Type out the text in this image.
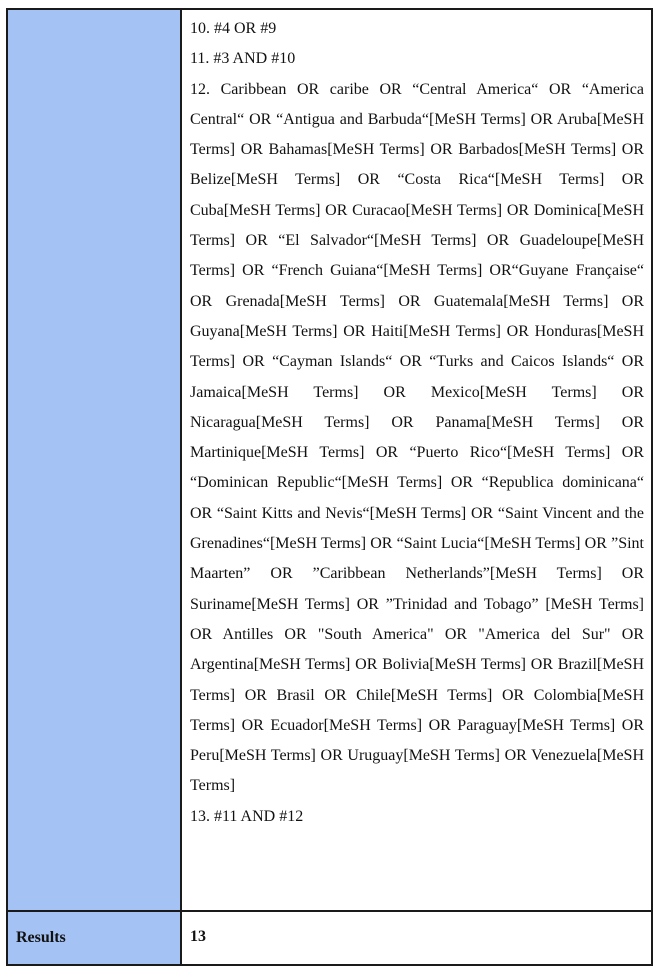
	10. #4 OR #9
11. #3 AND #10
12. Caribbean OR caribe OR “Central America“ OR “America Central“ OR “Antigua and Barbuda“[MeSH Terms] OR Aruba[MeSH Terms] OR Bahamas[MeSH Terms] OR Barbados[MeSH Terms] OR Belize[MeSH Terms] OR “Costa Rica“[MeSH Terms] OR Cuba[MeSH Terms] OR Curacao[MeSH Terms] OR Dominica[MeSH Terms] OR “El Salvador“[MeSH Terms] OR Guadeloupe[MeSH Terms] OR “French Guiana“[MeSH Terms] OR“Guyane Française“ OR Grenada[MeSH Terms] OR Guatemala[MeSH Terms] OR Guyana[MeSH Terms] OR Haiti[MeSH Terms] OR Honduras[MeSH Terms] OR “Cayman Islands“ OR “Turks and Caicos Islands“ OR Jamaica[MeSH Terms] OR Mexico[MeSH Terms] OR Nicaragua[MeSH Terms] OR Panama[MeSH Terms] OR Martinique[MeSH Terms] OR “Puerto Rico“[MeSH Terms] OR “Dominican Republic“[MeSH Terms] OR “Republica dominicana“ OR “Saint Kitts and Nevis“[MeSH Terms] OR “Saint Vincent and the Grenadines“[MeSH Terms] OR “Saint Lucia“[MeSH Terms] OR ”Sint Maarten” OR ”Caribbean Netherlands”[MeSH Terms] OR Suriname[MeSH Terms] OR ”Trinidad and Tobago” [MeSH Terms] OR Antilles OR "South America" OR "America del Sur" OR Argentina[MeSH Terms] OR Bolivia[MeSH Terms] OR Brazil[MeSH Terms] OR Brasil OR Chile[MeSH Terms] OR Colombia[MeSH Terms] OR Ecuador[MeSH Terms] OR Paraguay[MeSH Terms] OR Peru[MeSH Terms] OR Uruguay[MeSH Terms] OR Venezuela[MeSH Terms]
13. #11 AND #12

Results	13
